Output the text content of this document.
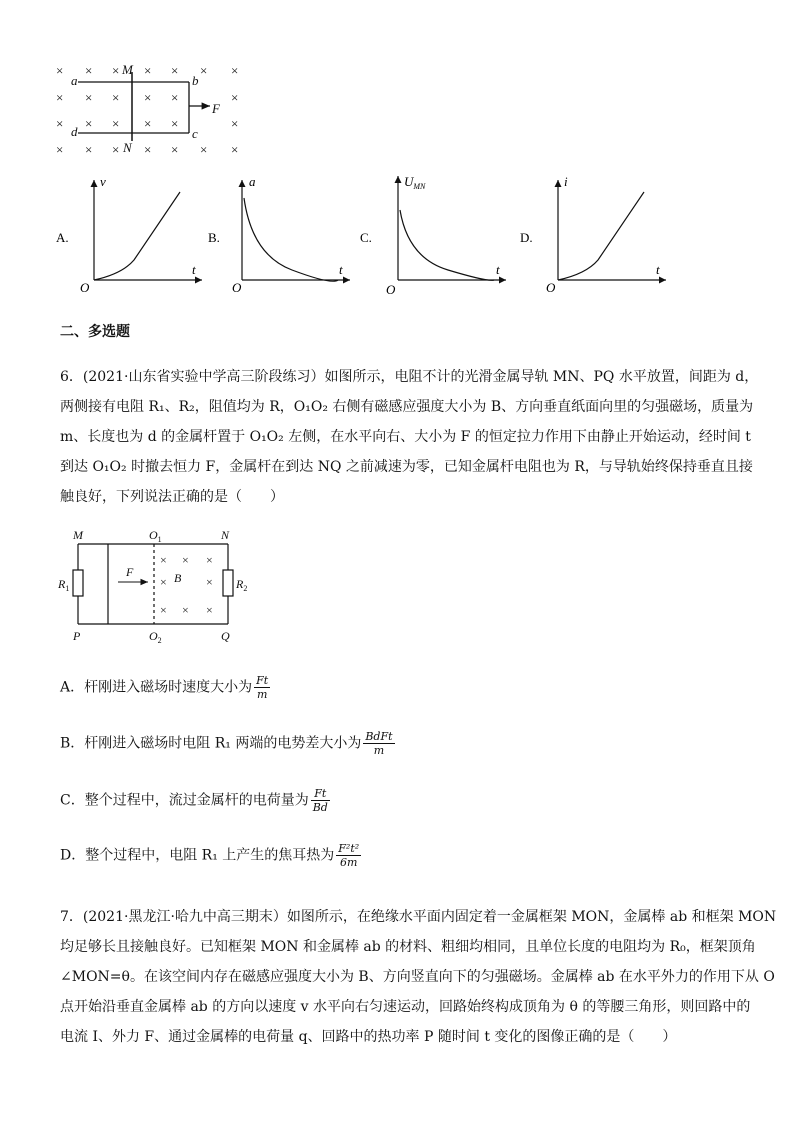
× × × × ×	×
× × × × ×	×
× × × × ×	×
× × × × ×	×
×
×
M
N
a	b
c
d
F
A.
v
t
O
B.
a
t
O
C.
$U_{MN}$
t
O
D.
i
t
O
二、多选题
6．(2021·山东省实验中学高三阶段练习）如图所示，电阻不计的光滑金属导轨 MN、PQ 水平放置，间距为 d，
两侧接有电阻 R₁、R₂，阻值均为 R，O₁O₂ 右侧有磁感应强度大小为 B、方向垂直纸面向里的匀强磁场，质量为
m、长度也为 d 的金属杆置于 O₁O₂ 左侧，在水平向右、大小为 F 的恒定拉力作用下由静止开始运动，经时间 t
到达 O₁O₂ 时撤去恒力 F，金属杆在到达 NQ 之前减速为零，已知金属杆电阻也为 R，与导轨始终保持垂直且接
触良好，下列说法正确的是（　　）
× × ×
×	×
× × ×
M	N
P	Q
$O_1$
$O_2$
$R_1$	$R_2$
F	B
A．杆刚进入磁场时速度大小为 $\frac{Ft}{m}$
B．杆刚进入磁场时电阻 R₁ 两端的电势差大小为 $\frac{\text{BdFt}}{m}$
C．整个过程中，流过金属杆的电荷量为 $\frac{Ft}{Bd}$
D．整个过程中，电阻 R₁ 上产生的焦耳热为 $\frac{\text{F²t²}}{6m}$
7．(2021·黑龙江·哈九中高三期末）如图所示，在绝缘水平面内固定着一金属框架 MON，金属棒 ab 和框架 MON
均足够长且接触良好。已知框架 MON 和金属棒 ab 的材料、粗细均相同，且单位长度的电阻均为 R₀，框架顶角
∠MON=θ。在该空间内存在磁感应强度大小为 B、方向竖直向下的匀强磁场。金属棒 ab 在水平外力的作用下从 O
点开始沿垂直金属棒 ab 的方向以速度 v 水平向右匀速运动，回路始终构成顶角为 θ 的等腰三角形，则回路中的
电流 I、外力 F、通过金属棒的电荷量 q、回路中的热功率 P 随时间 t 变化的图像正确的是（　　）
